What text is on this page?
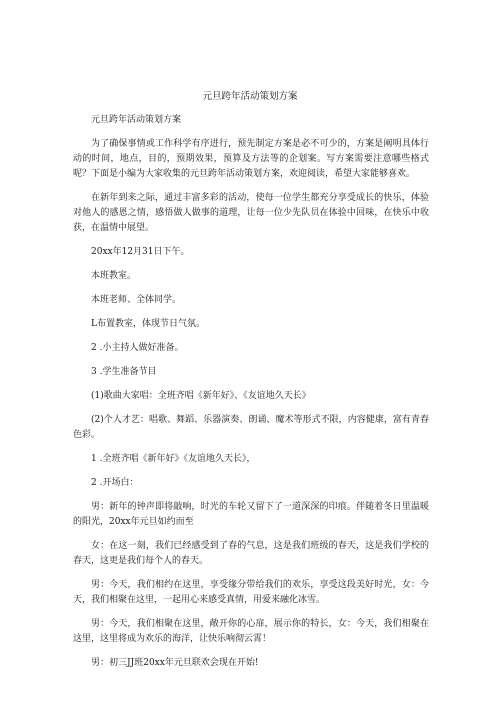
元旦跨年活动策划方案

元旦跨年活动策划方案

为了确保事情或工作科学有序进行，预先制定方案是必不可少的，方案是阐明具体行动的时间，地点，目的，预期效果，预算及方法等的企划案。写方案需要注意哪些格式呢？下面是小编为大家收集的元旦跨年活动策划方案，欢迎阅读，希望大家能够喜欢。

在新年到来之际，通过丰富多彩的活动，使每一位学生都充分享受成长的快乐，体验对他人的感恩之情，感悟做人做事的道理，让每一位少先队员在体验中回味，在快乐中收获，在温情中展望。

20xx年12月31日下午。

本班教室。

本班老师、全体同学。

L布置教室，体现节日气氛。

2 .小主持人做好准备。

3 .学生准备节目

(1)歌曲大家唱：全班齐唱《新年好》、《友谊地久天长》

(2)个人才艺：唱歌、舞蹈、乐器演奏、朗诵、魔术等形式不限，内容健康，富有青春色彩。

1 .全班齐唱《新年好》《友谊地久天长》，

2 .开场白：

男：新年的钟声即将敲响，时光的车轮又留下了一道深深的印痕。伴随着冬日里温暖的阳光，20xx年元旦如约而至

女：在这一刻，我们已经感受到了春的气息，这是我们班级的春天，这是我们学校的春天，这更是我们每个人的春天。

男：今天，我们相约在这里，享受缘分带给我们的欢乐，享受这段美好时光，女：今天，我们相聚在这里，一起用心来感受真情，用爱来融化冰雪。

男：今天，我们相聚在这里，敞开你的心扉，展示你的特长，女：今天，我们相聚在这里，这里将成为欢乐的海洋，让快乐响彻云霄！

男：初三JJ班20xx年元旦联欢会现在开始!
